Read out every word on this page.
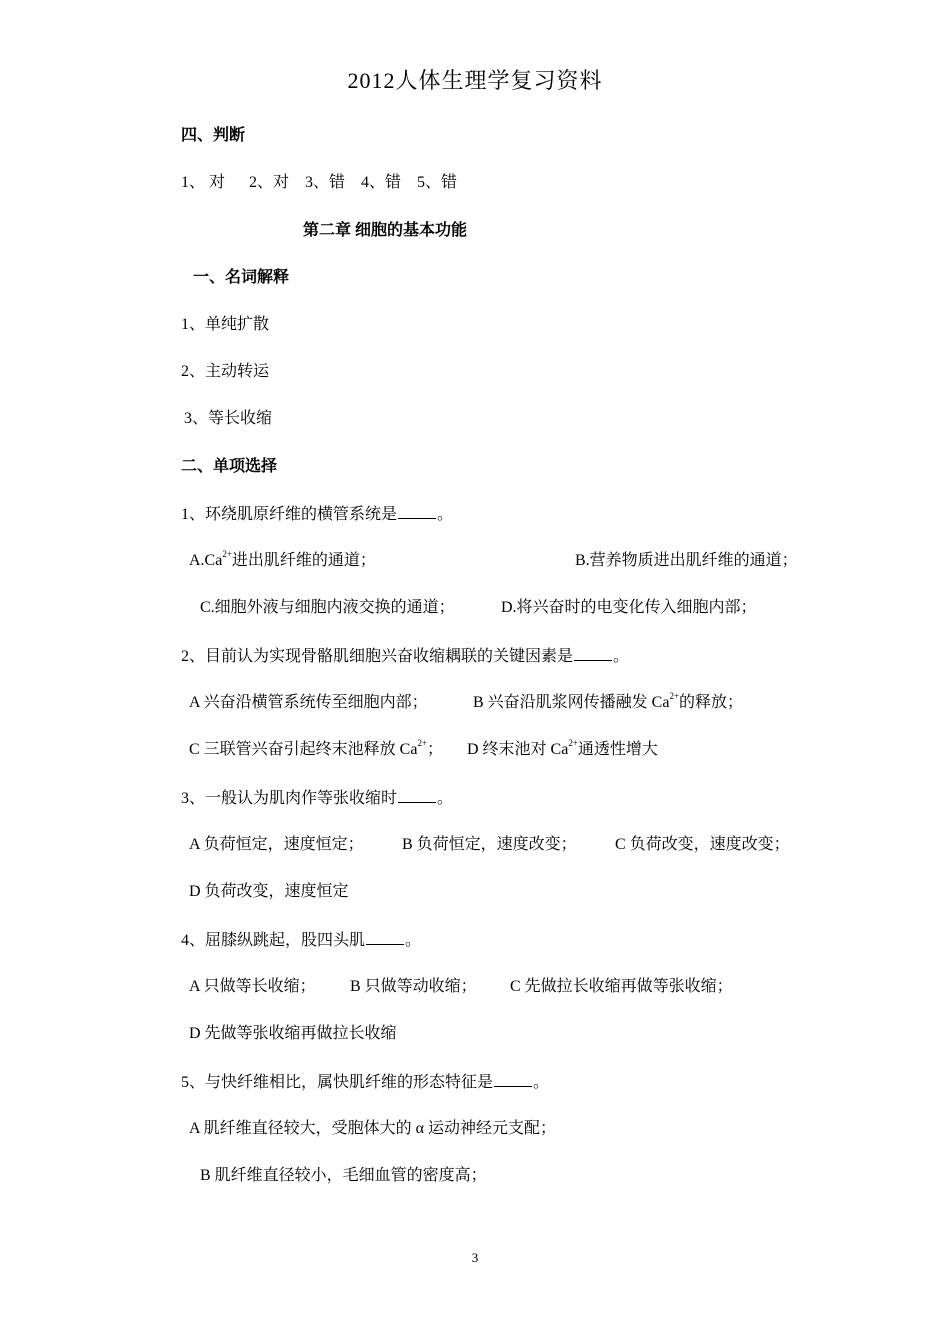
2012人体生理学复习资料
四、判断
1、 对      2、对    3、错    4、错    5、错
第二章 细胞的基本功能
一、名词解释
1、单纯扩散
2、主动转运
3、等长收缩
二、单项选择
1、环绕肌原纤维的横管系统是	。
$A.Ca^{2+}$进出肌纤维的通道；	B.营养物质进出肌纤维的通道；
C.细胞外液与细胞内液交换的通道；	D.将兴奋时的电变化传入细胞内部；
2、目前认为实现骨骼肌细胞兴奋收缩耦联的关键因素是	。
A 兴奋沿横管系统传至细胞内部；	B 兴奋沿肌浆网传播融发 $Ca^{2+}$的释放；
C 三联管兴奋引起终末池释放 $Ca^{2+}$； D 终末池对 $Ca^{2+}$通透性增大
3、一般认为肌肉作等张收缩时	。
A 负荷恒定，速度恒定； B 负荷恒定，速度改变； C 负荷改变，速度改变；
D 负荷改变，速度恒定
4、屈膝纵跳起，股四头肌	。
A 只做等长收缩； B 只做等动收缩； C 先做拉长收缩再做等张收缩；
D 先做等张收缩再做拉长收缩
5、与快纤维相比，属快肌纤维的形态特征是	。
A 肌纤维直径较大，受胞体大的 α 运动神经元支配；
B 肌纤维直径较小，毛细血管的密度高；
3
